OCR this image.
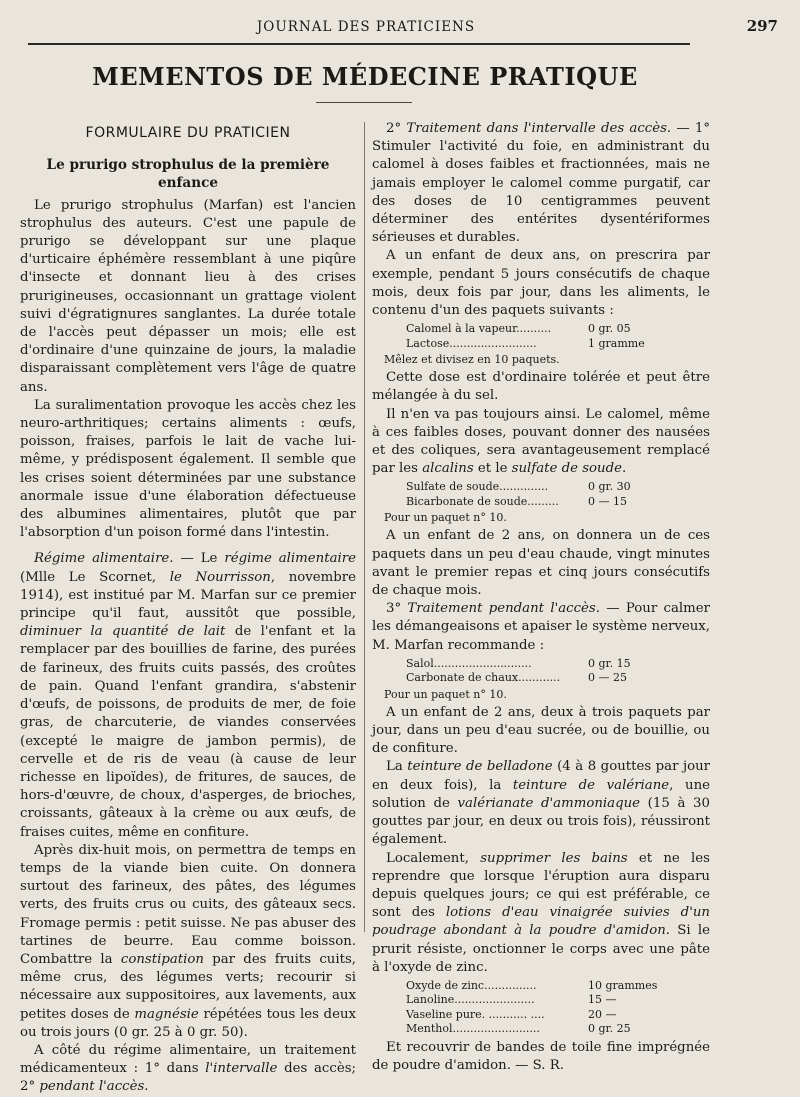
JOURNAL DES PRATICIENS	297
MEMENTOS DE MÉDECINE PRATIQUE
FORMULAIRE DU PRATICIEN
Le prurigo strophulus de la première enfance

Le prurigo strophulus (Marfan) est l'ancien strophulus des auteurs. C'est une papule de prurigo se développant sur une plaque d'urticaire éphémère ressemblant à une piqûre d'insecte et donnant lieu à des crises prurigineuses, occasionnant un grattage violent suivi d'égratignures sanglantes. La durée totale de l'accès peut dépasser un mois; elle est d'ordinaire d'une quinzaine de jours, la maladie disparaissant complètement vers l'âge de quatre ans.

La suralimentation provoque les accès chez les neuro-arthritiques; certains aliments : œufs, poisson, fraises, parfois le lait de vache lui-même, y prédisposent également. Il semble que les crises soient déterminées par une substance anormale issue d'une élaboration défectueuse des albumines alimentaires, plutôt que par l'absorption d'un poison formé dans l'intestin.

Régime alimentaire. — Le régime alimentaire (Mlle Le Scornet, le Nourrisson, novembre 1914), est institué par M. Marfan sur ce premier principe qu'il faut, aussitôt que possible, diminuer la quantité de lait de l'enfant et la remplacer par des bouillies de farine, des purées de farineux, des fruits cuits passés, des croûtes de pain. Quand l'enfant grandira, s'abstenir d'œufs, de poissons, de produits de mer, de foie gras, de charcuterie, de viandes conservées (excepté le maigre de jambon permis), de cervelle et de ris de veau (à cause de leur richesse en lipoïdes), de fritures, de sauces, de hors-d'œuvre, de choux, d'asperges, de brioches, croissants, gâteaux à la crème ou aux œufs, de fraises cuites, même en confiture.

Après dix-huit mois, on permettra de temps en temps de la viande bien cuite. On donnera surtout des farineux, des pâtes, des légumes verts, des fruits crus ou cuits, des gâteaux secs. Fromage permis : petit suisse. Ne pas abuser des tartines de beurre. Eau comme boisson. Combattre la constipation par des fruits cuits, même crus, des légumes verts; recourir si nécessaire aux suppositoires, aux lavements, aux petites doses de magnésie répétées tous les deux ou trois jours (0 gr. 25 à 0 gr. 50).

A côté du régime alimentaire, un traitement médicamenteux : 1° dans l'intervalle des accès; 2° pendant l'accès.

2° Traitement dans l'intervalle des accès. — 1° Stimuler l'activité du foie, en administrant du calomel à doses faibles et fractionnées, mais ne jamais employer le calomel comme purgatif, car des doses de 10 centigrammes peuvent déterminer des entérites dysentériformes sérieuses et durables.

A un enfant de deux ans, on prescrira par exemple, pendant 5 jours consécutifs de chaque mois, deux fois par jour, dans les aliments, le contenu d'un des paquets suivants :

Calomel à la vapeur..........	0 gr. 05
Lactose.........................	1 gramme
Mêlez et divisez en 10 paquets.

Cette dose est d'ordinaire tolérée et peut être mélangée à du sel.

Il n'en va pas toujours ainsi. Le calomel, même à ces faibles doses, pouvant donner des nausées et des coliques, sera avantageusement remplacé par les alcalins et le sulfate de soude.

Sulfate de soude..............	0 gr. 30
Bicarbonate de soude.........	0 — 15
Pour un paquet n° 10.

A un enfant de 2 ans, on donnera un de ces paquets dans un peu d'eau chaude, vingt minutes avant le premier repas et cinq jours consécutifs de chaque mois.

3° Traitement pendant l'accès. — Pour calmer les démangeaisons et apaiser le système nerveux, M. Marfan recommande :

Salol............................	0 gr. 15
Carbonate de chaux............	0 — 25
Pour un paquet n° 10.

A un enfant de 2 ans, deux à trois paquets par jour, dans un peu d'eau sucrée, ou de bouillie, ou de confiture.

La teinture de belladone (4 à 8 gouttes par jour en deux fois), la teinture de valériane, une solution de valérianate d'ammoniaque (15 à 30 gouttes par jour, en deux ou trois fois), réussiront également.

Localement, supprimer les bains et ne les reprendre que lorsque l'éruption aura disparu depuis quelques jours; ce qui est préférable, ce sont des lotions d'eau vinaigrée suivies d'un poudrage abondant à la poudre d'amidon. Si le prurit résiste, onctionner le corps avec une pâte à l'oxyde de zinc.

Oxyde de zinc...............	10 grammes
Lanoline.......................	15 —
Vaseline pure. ........... ....	20 —
Menthol.........................	0 gr. 25

Et recouvrir de bandes de toile fine imprégnée de poudre d'amidon. — S. R.
